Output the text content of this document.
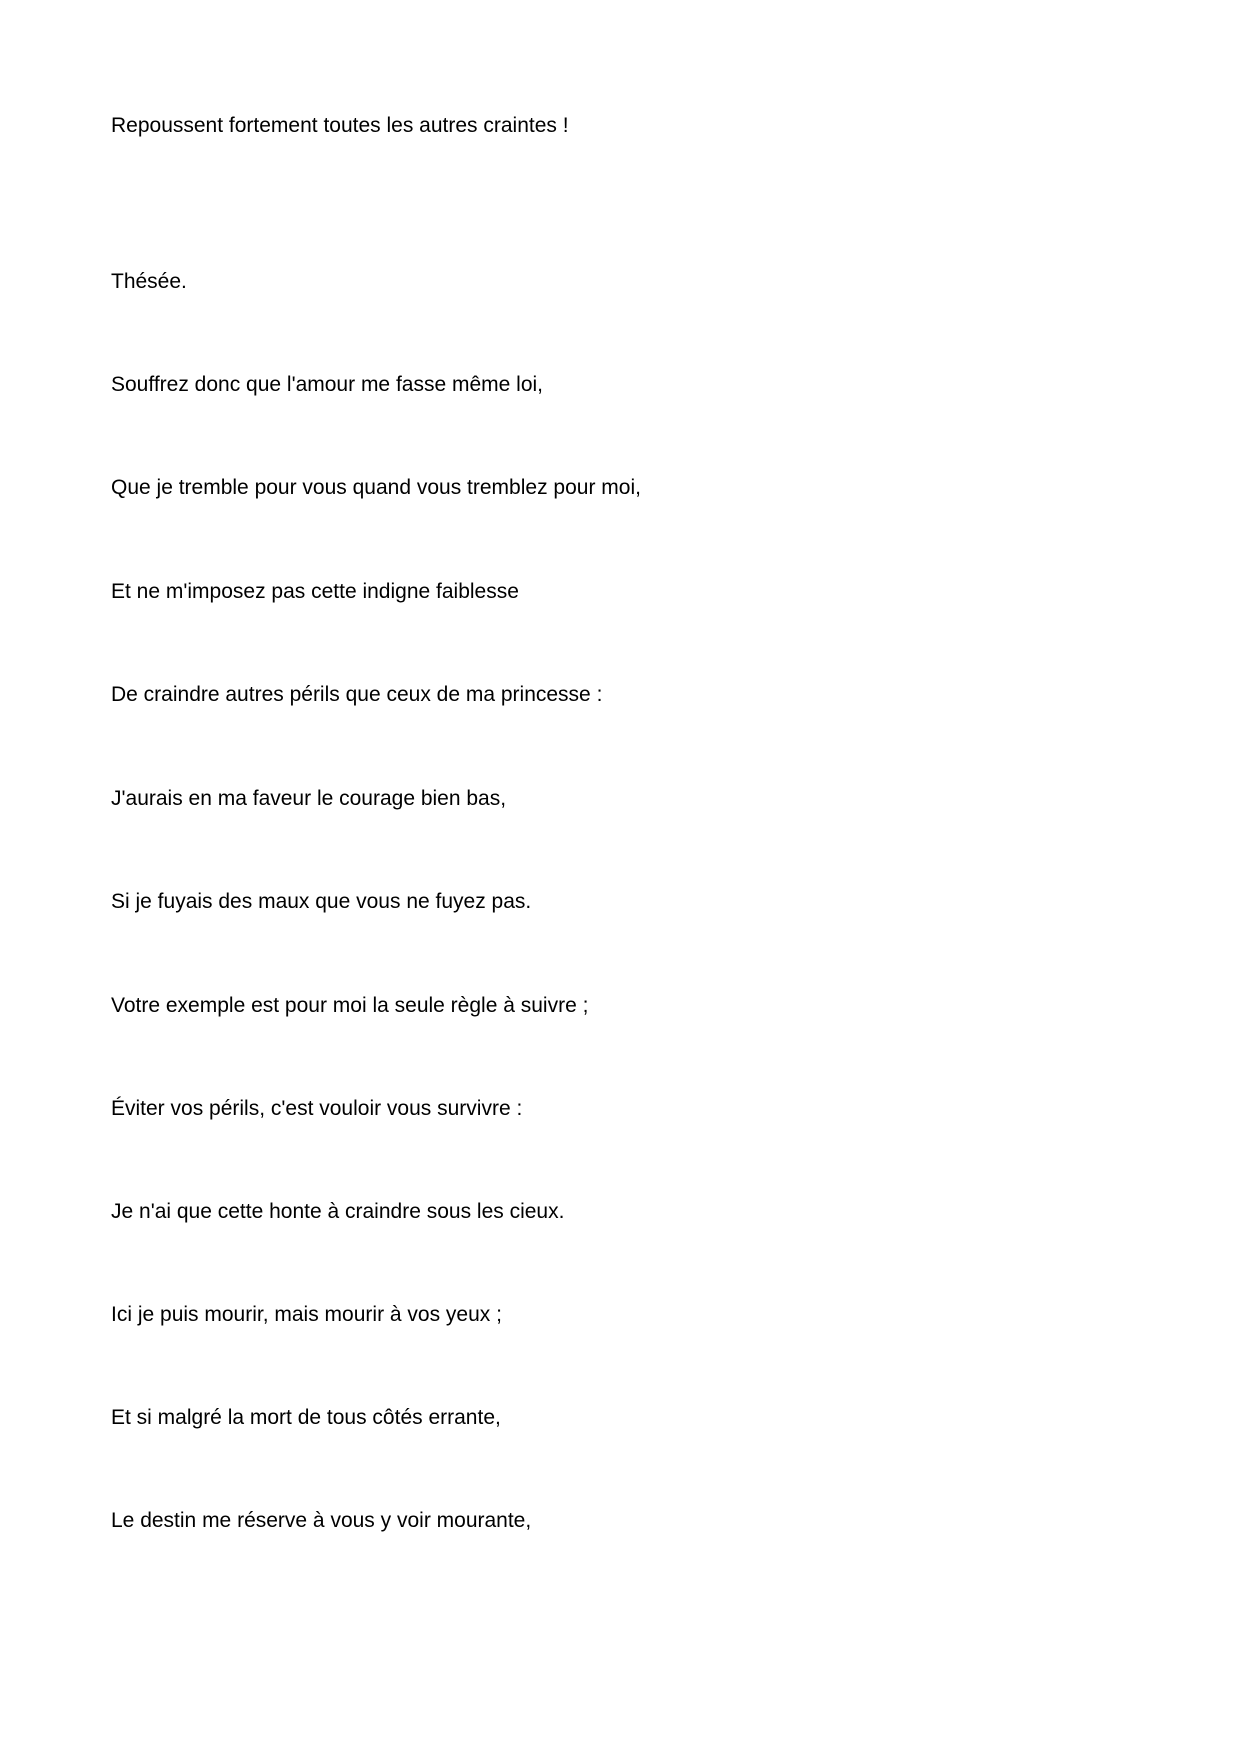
Repoussent fortement toutes les autres craintes !
Thésée.
Souffrez donc que l'amour me fasse même loi,
Que je tremble pour vous quand vous tremblez pour moi,
Et ne m'imposez pas cette indigne faiblesse
De craindre autres périls que ceux de ma princesse :
J'aurais en ma faveur le courage bien bas,
Si je fuyais des maux que vous ne fuyez pas.
Votre exemple est pour moi la seule règle à suivre ;
Éviter vos périls, c'est vouloir vous survivre :
Je n'ai que cette honte à craindre sous les cieux.
Ici je puis mourir, mais mourir à vos yeux ;
Et si malgré la mort de tous côtés errante,
Le destin me réserve à vous y voir mourante,
